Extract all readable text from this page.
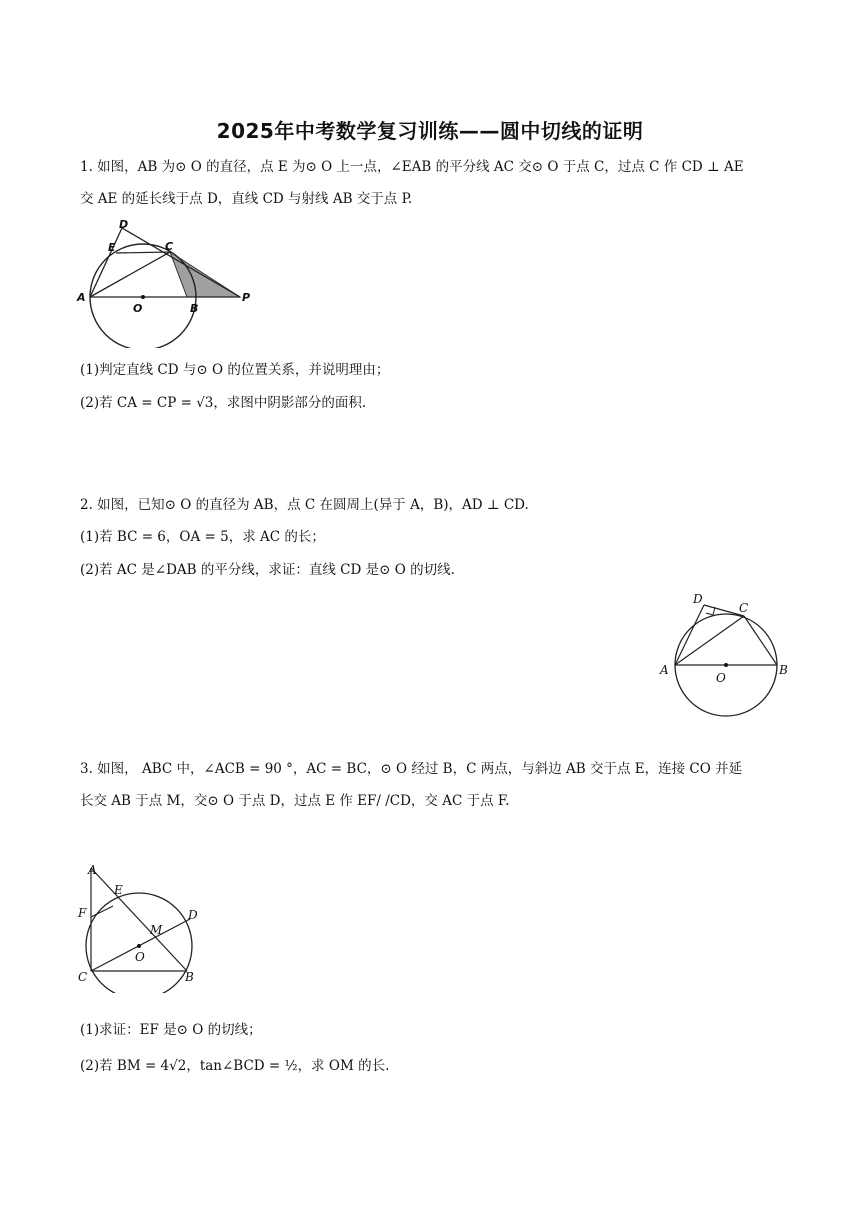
2025年中考数学复习训练——圆中切线的证明
1. 如图，AB 为⊙ O 的直径，点 E 为⊙ O 上一点，∠EAB 的平分线 AC 交⊙ O 于点 C，过点 C 作 CD ⊥ AE
交 AE 的延长线于点 D，直线 CD 与射线 AB 交于点 P.
D
E	C
A
O	B
P
(1)判定直线 CD 与⊙ O 的位置关系，并说明理由；
(2)若 CA = CP = √3，求图中阴影部分的面积.
2. 如图，已知⊙ O 的直径为 AB，点 C 在圆周上(异于 A，B)，AD ⊥ CD.
(1)若 BC = 6，OA = 5，求 AC 的长；
(2)若 AC 是∠DAB 的平分线，求证：直线 CD 是⊙ O 的切线.
D
C
A
O
B
3. 如图， ABC 中，∠ACB = 90 °，AC = BC，⊙ O 经过 B，C 两点，与斜边 AB 交于点 E，连接 CO 并延
长交 AB 于点 M，交⊙ O 于点 D，过点 E 作 EF/ /CD，交 AC 于点 F.
A
E
F	D
M
O
C	B
(1)求证：EF 是⊙ O 的切线；
(2)若 BM = 4√2，tan∠BCD = ½，求 OM 的长.
